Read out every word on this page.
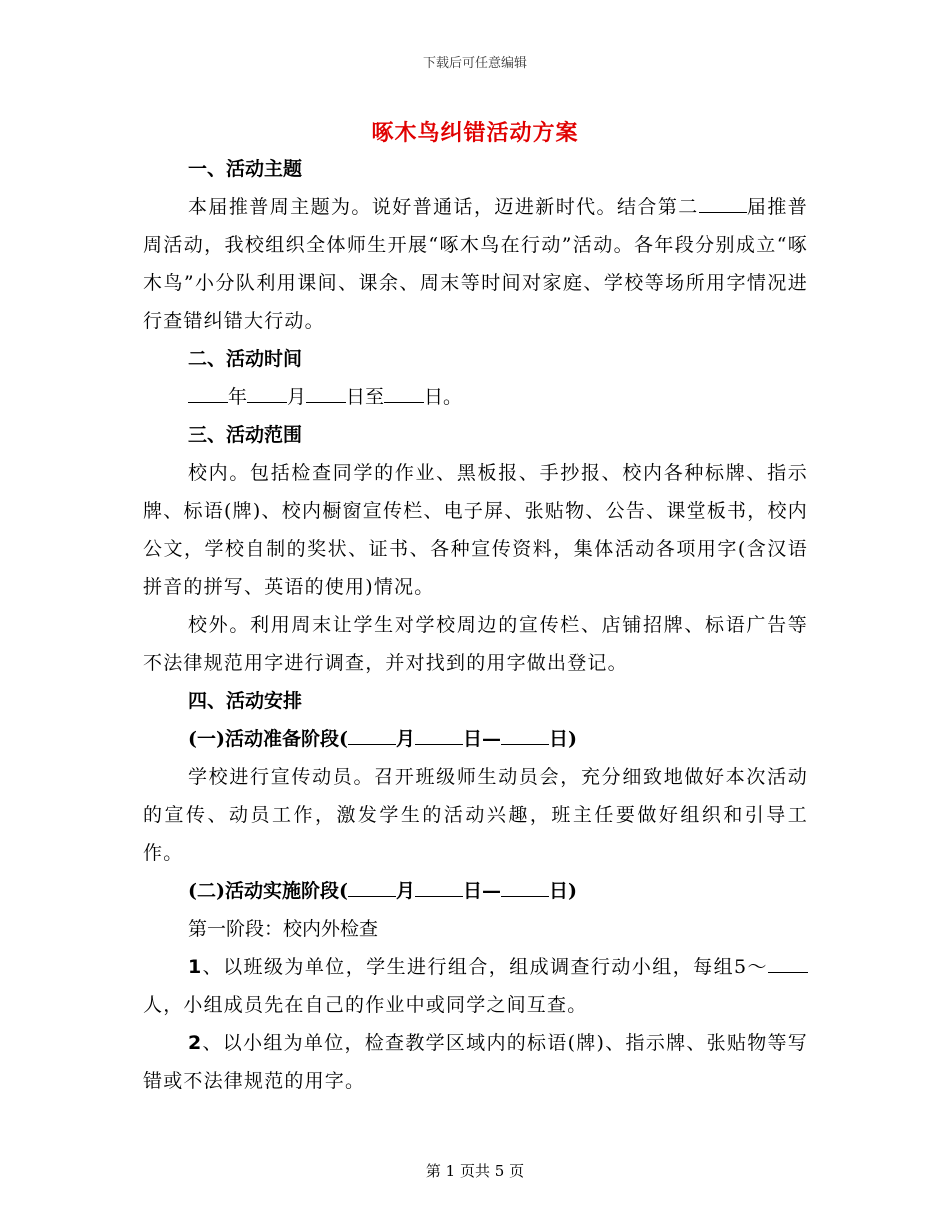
下载后可任意编辑
啄木鸟纠错活动方案

一、活动主题

本届推普周主题为。说好普通话，迈进新时代。结合第二	届推普周活动，我校组织全体师生开展“啄木鸟在行动”活动。各年段分别成立“啄木鸟”小分队利用课间、课余、周末等时间对家庭、学校等场所用字情况进行查错纠错大行动。

二、活动时间

年 月 日至 日。

三、活动范围

校内。包括检查同学的作业、黑板报、手抄报、校内各种标牌、指示牌、标语(牌)、校内橱窗宣传栏、电子屏、张贴物、公告、课堂板书，校内公文，学校自制的奖状、证书、各种宣传资料，集体活动各项用字(含汉语拼音的拼写、英语的使用)情况。

校外。利用周末让学生对学校周边的宣传栏、店铺招牌、标语广告等不法律规范用字进行调查，并对找到的用字做出登记。

四、活动安排

(一)活动准备阶段(	月	日—	日)

学校进行宣传动员。召开班级师生动员会，充分细致地做好本次活动的宣传、动员工作，激发学生的活动兴趣，班主任要做好组织和引导工作。

(二)活动实施阶段(	月	日—	日)

第一阶段：校内外检查

1、以班级为单位，学生进行组合，组成调查行动小组，每组5～人，小组成员先在自己的作业中或同学之间互查。

2、以小组为单位，检查教学区域内的标语(牌)、指示牌、张贴物等写错或不法律规范的用字。

第 1 页共 5 页
